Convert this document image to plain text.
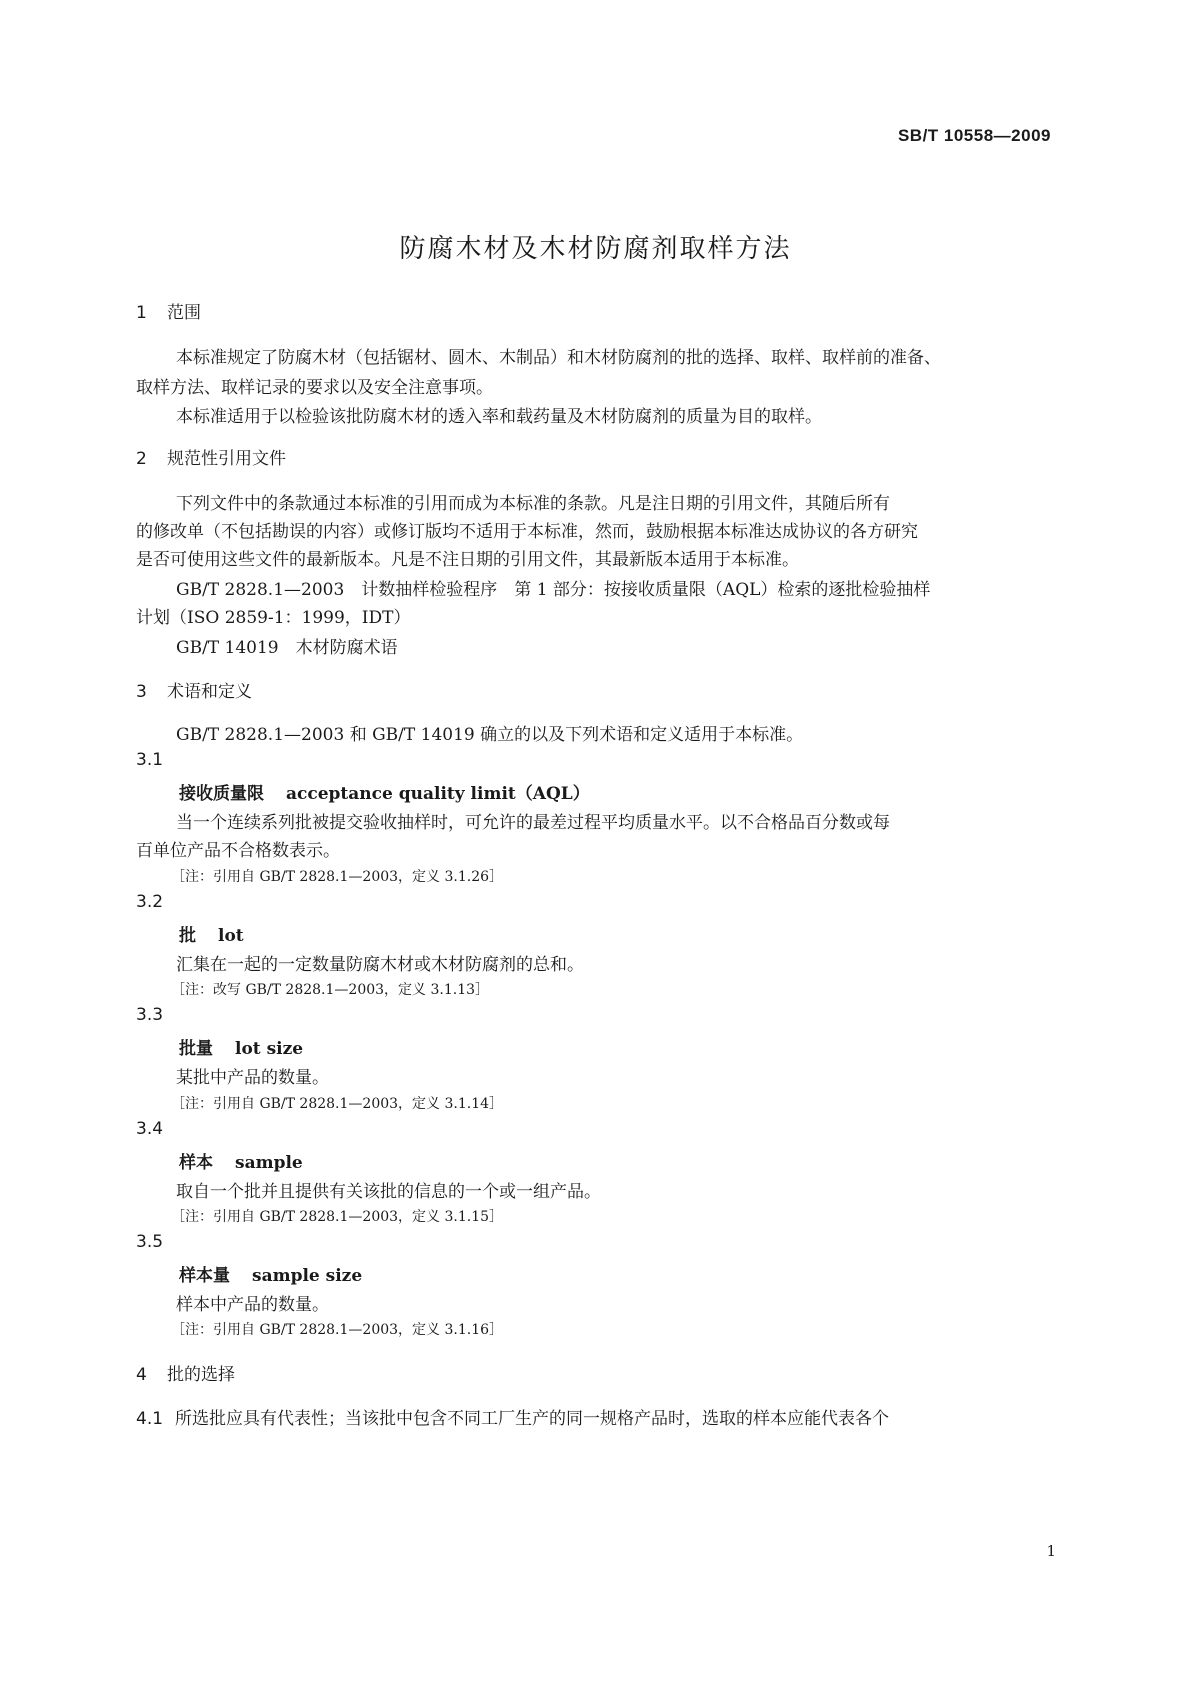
SB/T 10558—2009
防腐木材及木材防腐剂取样方法
1 范围
本标准规定了防腐木材（包括锯材、圆木、木制品）和木材防腐剂的批的选择、取样、取样前的准备、
取样方法、取样记录的要求以及安全注意事项。
本标准适用于以检验该批防腐木材的透入率和载药量及木材防腐剂的质量为目的取样。
2 规范性引用文件
下列文件中的条款通过本标准的引用而成为本标准的条款。凡是注日期的引用文件，其随后所有
的修改单（不包括勘误的内容）或修订版均不适用于本标准，然而，鼓励根据本标准达成协议的各方研究
是否可使用这些文件的最新版本。凡是不注日期的引用文件，其最新版本适用于本标准。
GB/T 2828.1—2003　计数抽样检验程序　第 1 部分：按接收质量限（AQL）检索的逐批检验抽样
计划（ISO 2859-1：1999，IDT）
GB/T 14019　木材防腐术语
3 术语和定义
GB/T 2828.1—2003 和 GB/T 14019 确立的以及下列术语和定义适用于本标准。
3.1
接收质量限 acceptance quality limit（AQL）
当一个连续系列批被提交验收抽样时，可允许的最差过程平均质量水平。以不合格品百分数或每
百单位产品不合格数表示。
［注：引用自 GB/T 2828.1—2003，定义 3.1.26］
3.2
批 lot
汇集在一起的一定数量防腐木材或木材防腐剂的总和。
［注：改写 GB/T 2828.1—2003，定义 3.1.13］
3.3
批量 lot size
某批中产品的数量。
［注：引用自 GB/T 2828.1—2003，定义 3.1.14］
3.4
样本 sample
取自一个批并且提供有关该批的信息的一个或一组产品。
［注：引用自 GB/T 2828.1—2003，定义 3.1.15］
3.5
样本量 sample size
样本中产品的数量。
［注：引用自 GB/T 2828.1—2003，定义 3.1.16］
4 批的选择
4.1 所选批应具有代表性；当该批中包含不同工厂生产的同一规格产品时，选取的样本应能代表各个
1
